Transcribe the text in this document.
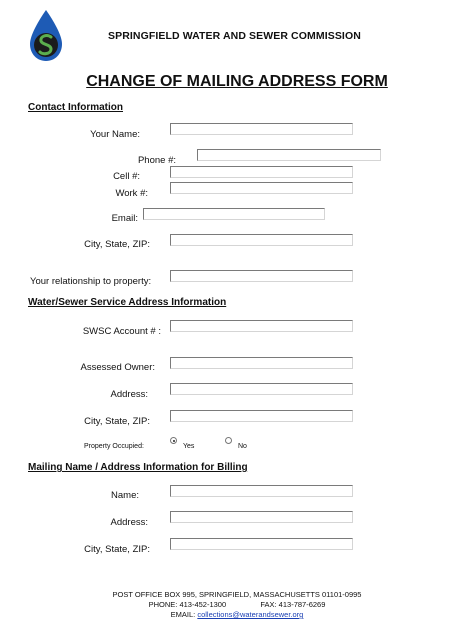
SPRINGFIELD WATER AND SEWER COMMISSION
CHANGE OF MAILING ADDRESS FORM
Contact Information
Your Name:
Phone #:
Cell #:
Work #:
Email:
City, State, ZIP:
Your relationship to property:
Water/Sewer Service Address Information
SWSC Account # :
Assessed Owner:
Address:
City, State, ZIP:
Property Occupied:	Yes	No
Mailing Name / Address Information for Billing
Name:
Address:
City, State, ZIP:
POST OFFICE BOX 995, SPRINGFIELD, MASSACHUSETTS 01101-0995
PHONE: 413-452-1300	FAX: 413-787-6269
EMAIL: collections@waterandsewer.org
